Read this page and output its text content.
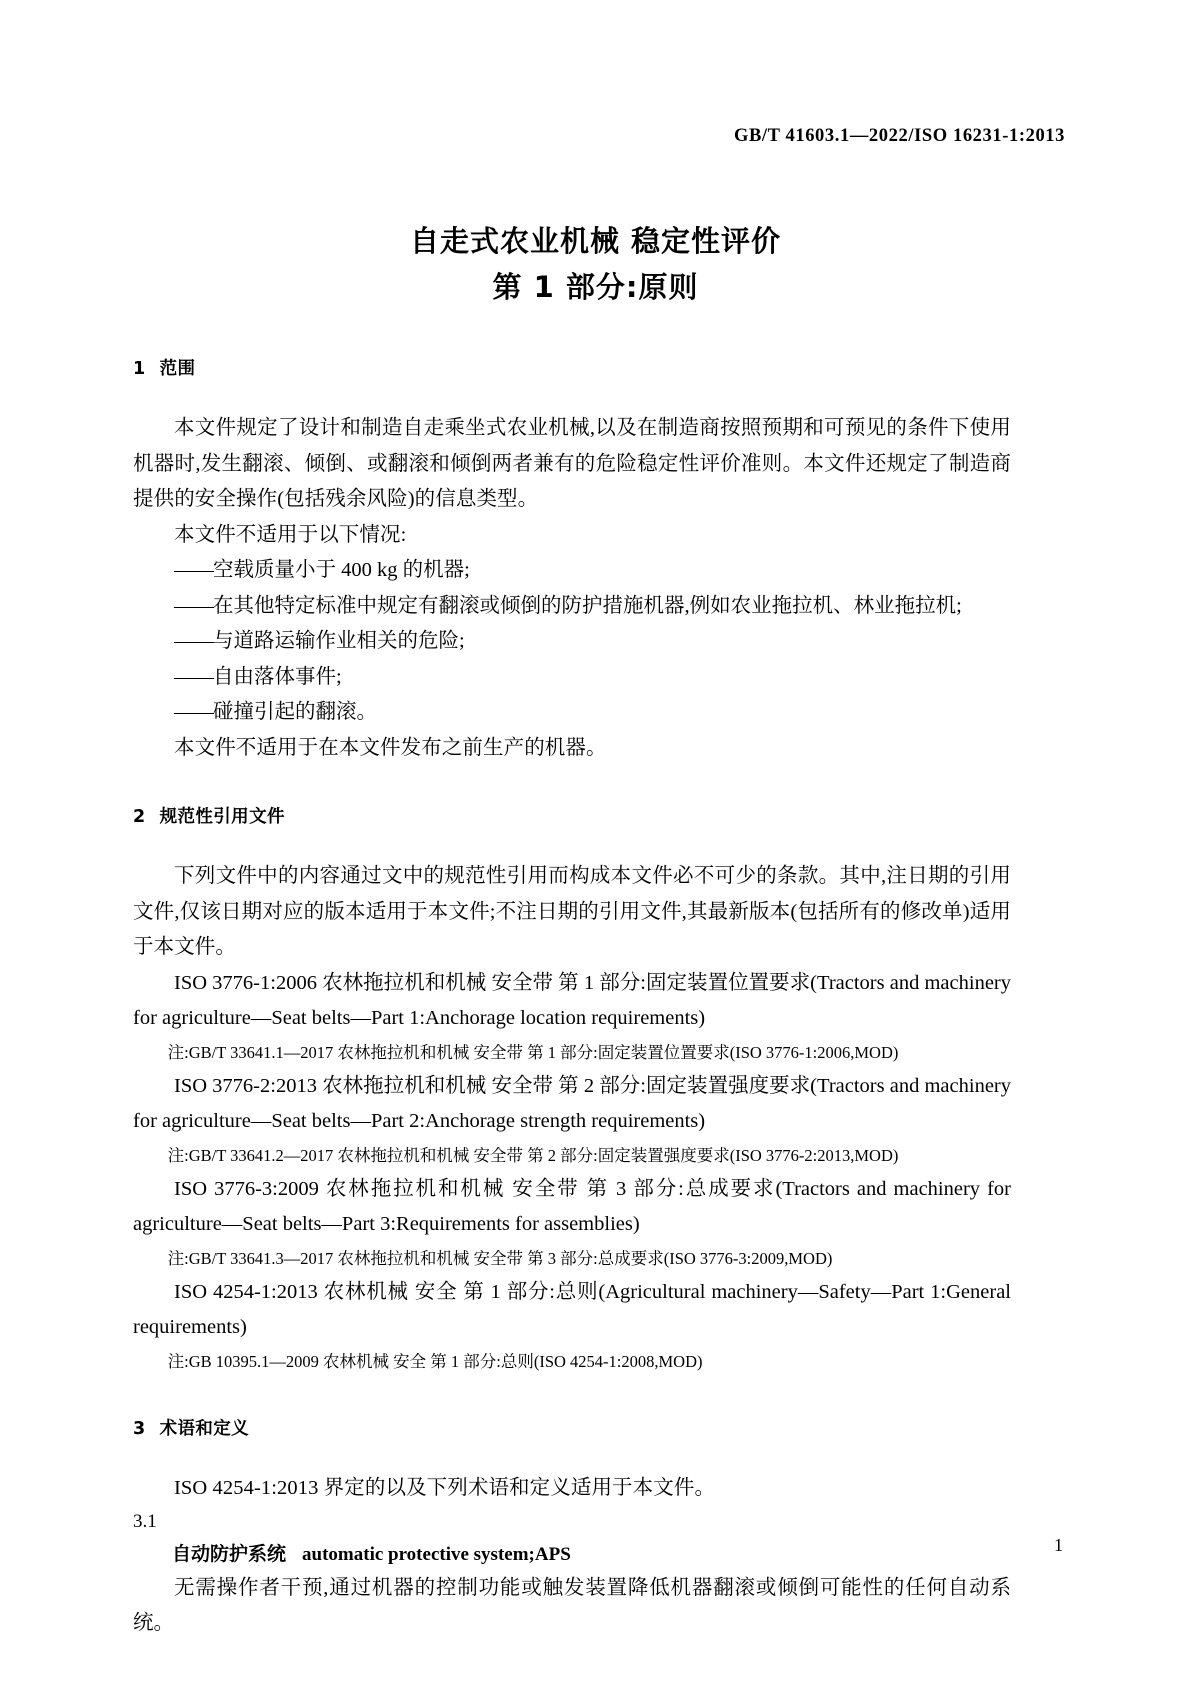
GB/T 41603.1—2022/ISO 16231-1:2013
自走式农业机械 稳定性评价
第 1 部分:原则
1 范围

本文件规定了设计和制造自走乘坐式农业机械,以及在制造商按照预期和可预见的条件下使用机器时,发生翻滚、倾倒、或翻滚和倾倒两者兼有的危险稳定性评价准则。本文件还规定了制造商提供的安全操作(包括残余风险)的信息类型。

本文件不适用于以下情况:

——空载质量小于 400 kg 的机器;

——在其他特定标准中规定有翻滚或倾倒的防护措施机器,例如农业拖拉机、林业拖拉机;

——与道路运输作业相关的危险;

——自由落体事件;

——碰撞引起的翻滚。

本文件不适用于在本文件发布之前生产的机器。

2 规范性引用文件

下列文件中的内容通过文中的规范性引用而构成本文件必不可少的条款。其中,注日期的引用文件,仅该日期对应的版本适用于本文件;不注日期的引用文件,其最新版本(包括所有的修改单)适用于本文件。

ISO 3776-1:2006 农林拖拉机和机械 安全带 第 1 部分:固定装置位置要求(Tractors and machinery for agriculture—Seat belts—Part 1:Anchorage location requirements)

注:GB/T 33641.1—2017 农林拖拉机和机械 安全带 第 1 部分:固定装置位置要求(ISO 3776-1:2006,MOD)

ISO 3776-2:2013 农林拖拉机和机械 安全带 第 2 部分:固定装置强度要求(Tractors and machinery for agriculture—Seat belts—Part 2:Anchorage strength requirements)

注:GB/T 33641.2—2017 农林拖拉机和机械 安全带 第 2 部分:固定装置强度要求(ISO 3776-2:2013,MOD)

ISO 3776-3:2009 农林拖拉机和机械 安全带 第 3 部分:总成要求(Tractors and machinery for agriculture—Seat belts—Part 3:Requirements for assemblies)

注:GB/T 33641.3—2017 农林拖拉机和机械 安全带 第 3 部分:总成要求(ISO 3776-3:2009,MOD)

ISO 4254-1:2013 农林机械 安全 第 1 部分:总则(Agricultural machinery—Safety—Part 1:General requirements)

注:GB 10395.1—2009 农林机械 安全 第 1 部分:总则(ISO 4254-1:2008,MOD)

3 术语和定义

ISO 4254-1:2013 界定的以及下列术语和定义适用于本文件。

3.1

自动防护系统 automatic protective system;APS

无需操作者干预,通过机器的控制功能或触发装置降低机器翻滚或倾倒可能性的任何自动系统。

1
